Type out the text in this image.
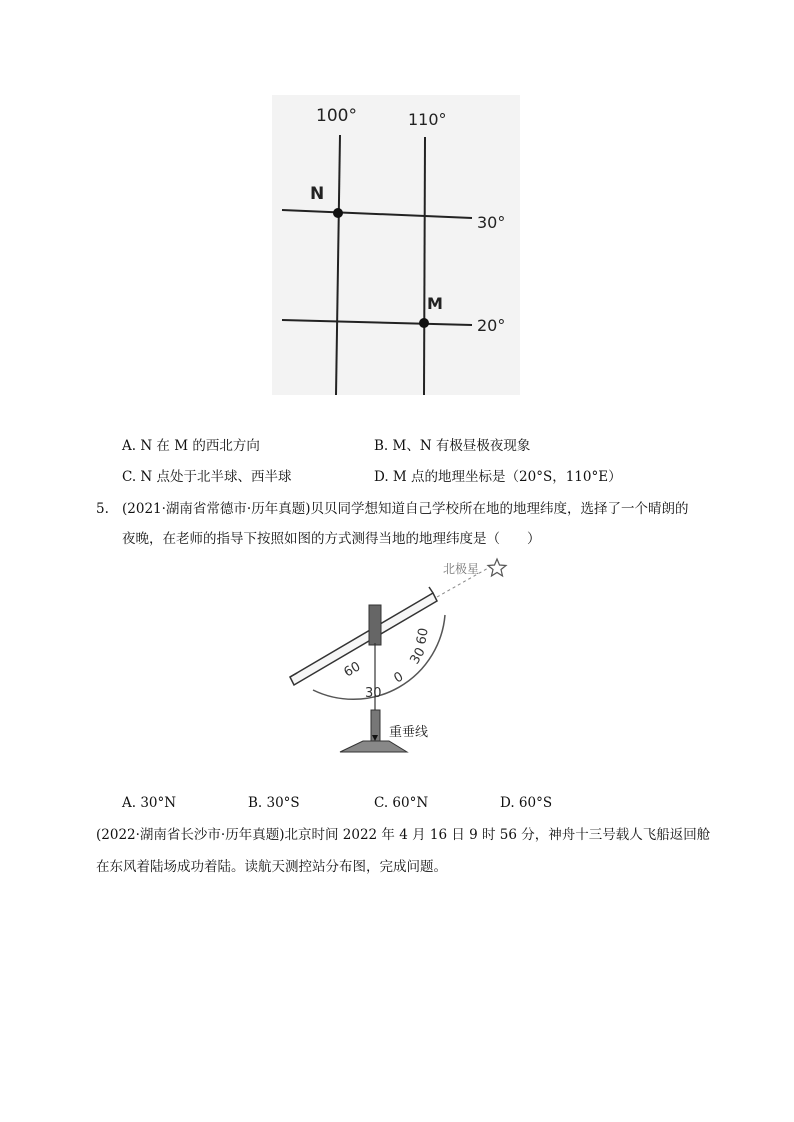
100°	110°
30°
20°
N
M
A. N 在 M 的西北方向	B. M、N 有极昼极夜现象
C. N 点处于北半球、西半球	D. M 点的地理坐标是（20°S，110°E）
5. (2021·湖南省常德市·历年真题)贝贝同学想知道自己学校所在地的地理纬度，选择了一个晴朗的
夜晚，在老师的指导下按照如图的方式测得当地的地理纬度是（　　）
北极星
重垂线
60
30
0
30
60
A. 30°N	B. 30°S	C. 60°N	D. 60°S
(2022·湖南省长沙市·历年真题)北京时间 2022 年 4 月 16 日 9 时 56 分，神舟十三号载人飞船返回舱
在东风着陆场成功着陆。读航天测控站分布图，完成问题。
